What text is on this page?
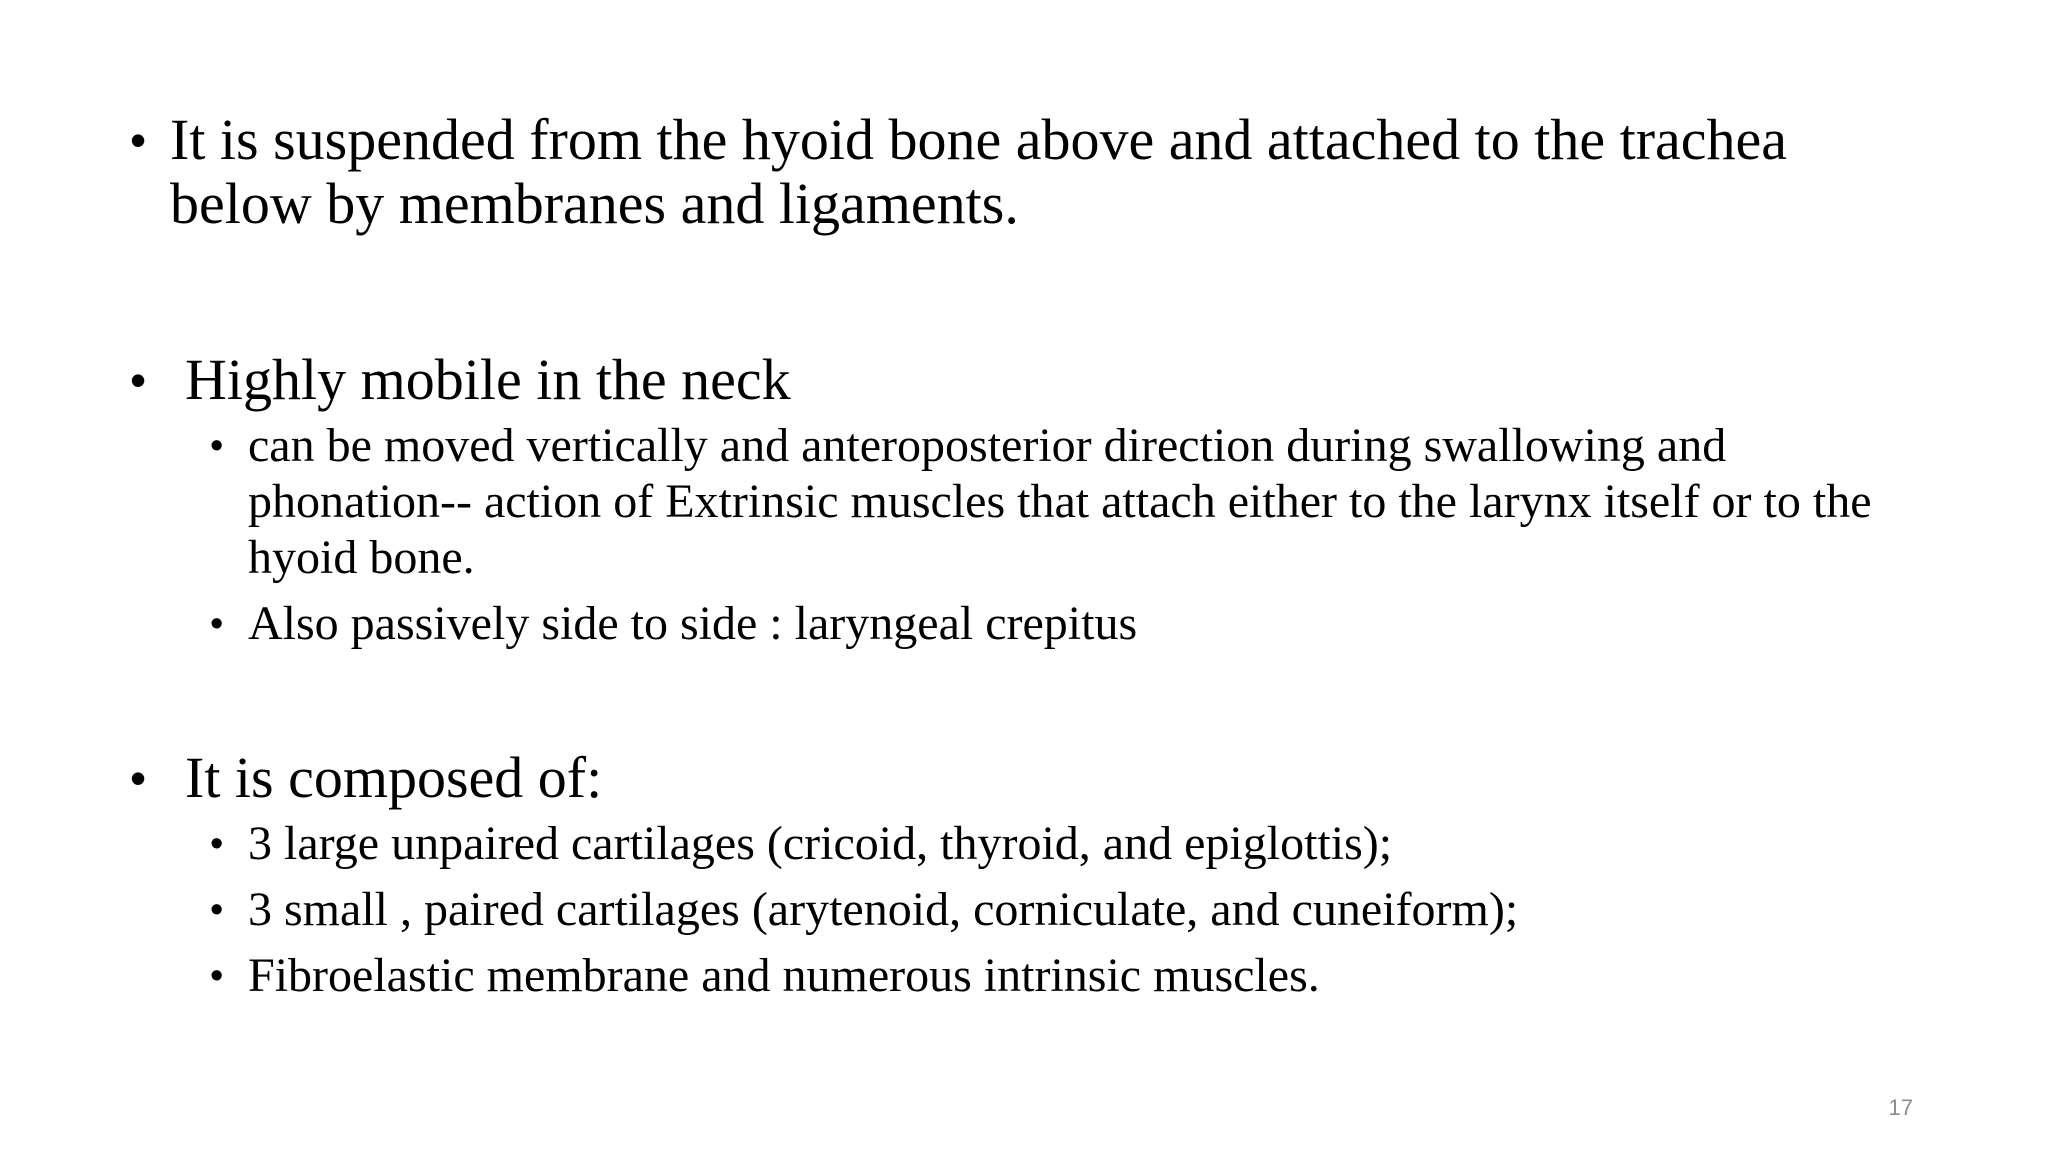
• It is suspended from the hyoid bone above and attached to the trachea below by membranes and ligaments.
• Highly mobile in the neck
• can be moved vertically and anteroposterior direction during swallowing and phonation-- action of Extrinsic muscles that attach either to the larynx itself or to the hyoid bone.
• Also passively side to side : laryngeal crepitus
• It is composed of:
• 3 large unpaired cartilages (cricoid, thyroid, and epiglottis);
• 3 small , paired cartilages (arytenoid, corniculate, and cuneiform);
• Fibroelastic membrane and numerous intrinsic muscles.
17
